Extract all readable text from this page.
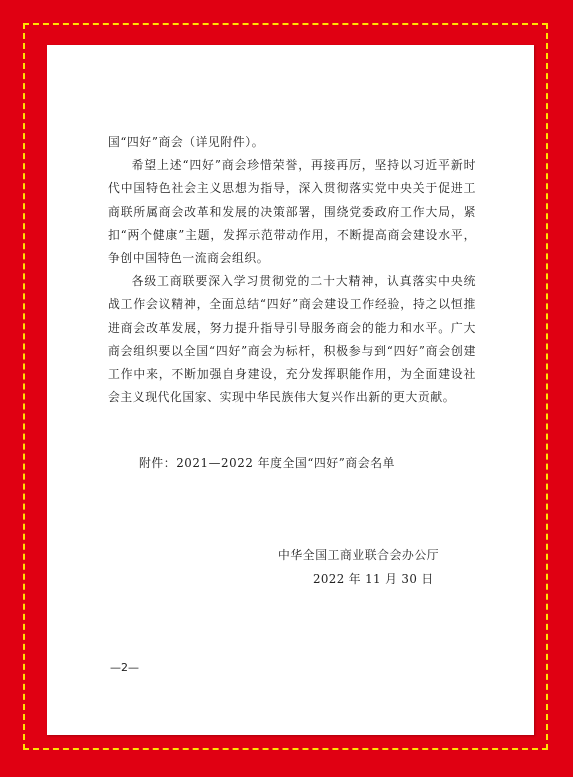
国“四好”商会（详见附件）。

希望上述“四好”商会珍惜荣誉，再接再厉，坚持以习近平新时代中国特色社会主义思想为指导，深入贯彻落实党中央关于促进工商联所属商会改革和发展的决策部署，围绕党委政府工作大局，紧扣“两个健康”主题，发挥示范带动作用，不断提高商会建设水平，争创中国特色一流商会组织。

各级工商联要深入学习贯彻党的二十大精神，认真落实中央统战工作会议精神，全面总结“四好”商会建设工作经验，持之以恒推进商会改革发展，努力提升指导引导服务商会的能力和水平。广大商会组织要以全国“四好”商会为标杆，积极参与到“四好”商会创建工作中来，不断加强自身建设，充分发挥职能作用，为全面建设社会主义现代化国家、实现中华民族伟大复兴作出新的更大贡献。

附件：2021—2022 年度全国“四好”商会名单
中华全国工商业联合会办公厅
2022 年 11 月 30 日
—2—
